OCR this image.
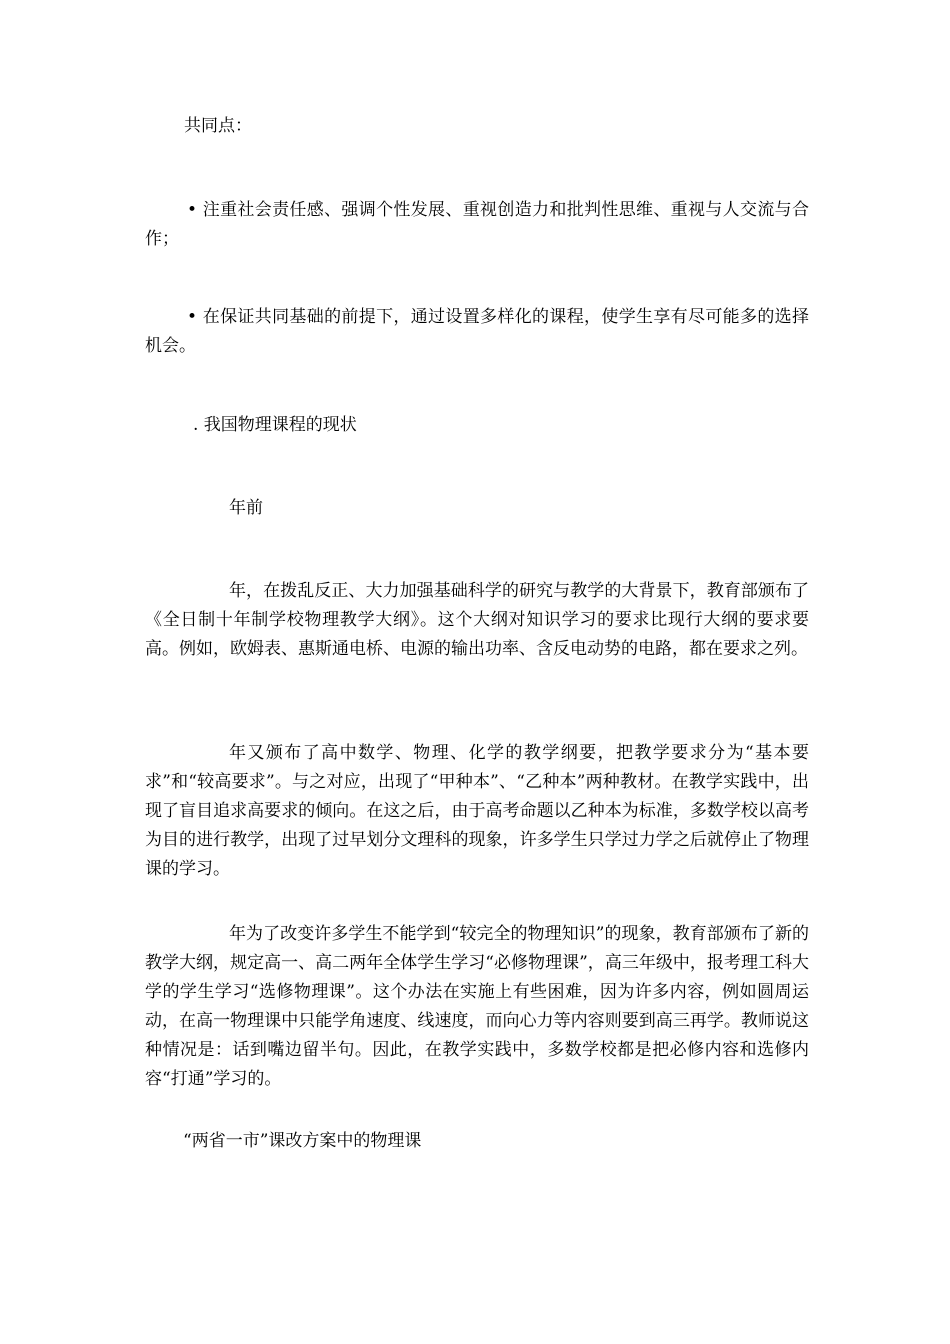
共同点：

• 注重社会责任感、强调个性发展、重视创造力和批判性思维、重视与人交流与合作；

• 在保证共同基础的前提下，通过设置多样化的课程，使学生享有尽可能多的选择机会。

. 我国物理课程的现状

年前

年，在拨乱反正、大力加强基础科学的研究与教学的大背景下，教育部颁布了《全日制十年制学校物理教学大纲》。这个大纲对知识学习的要求比现行大纲的要求要高。例如，欧姆表、惠斯通电桥、电源的输出功率、含反电动势的电路，都在要求之列。

年又颁布了高中数学、物理、化学的教学纲要，把教学要求分为“基本要求”和“较高要求”。与之对应，出现了“甲种本”、“乙种本”两种教材。在教学实践中，出现了盲目追求高要求的倾向。在这之后，由于高考命题以乙种本为标准，多数学校以高考为目的进行教学，出现了过早划分文理科的现象，许多学生只学过力学之后就停止了物理课的学习。

年为了改变许多学生不能学到“较完全的物理知识”的现象，教育部颁布了新的教学大纲，规定高一、高二两年全体学生学习“必修物理课”，高三年级中，报考理工科大学的学生学习“选修物理课”。这个办法在实施上有些困难，因为许多内容，例如圆周运动，在高一物理课中只能学角速度、线速度，而向心力等内容则要到高三再学。教师说这种情况是：话到嘴边留半句。因此，在教学实践中，多数学校都是把必修内容和选修内容“打通”学习的。

“两省一市”课改方案中的物理课
